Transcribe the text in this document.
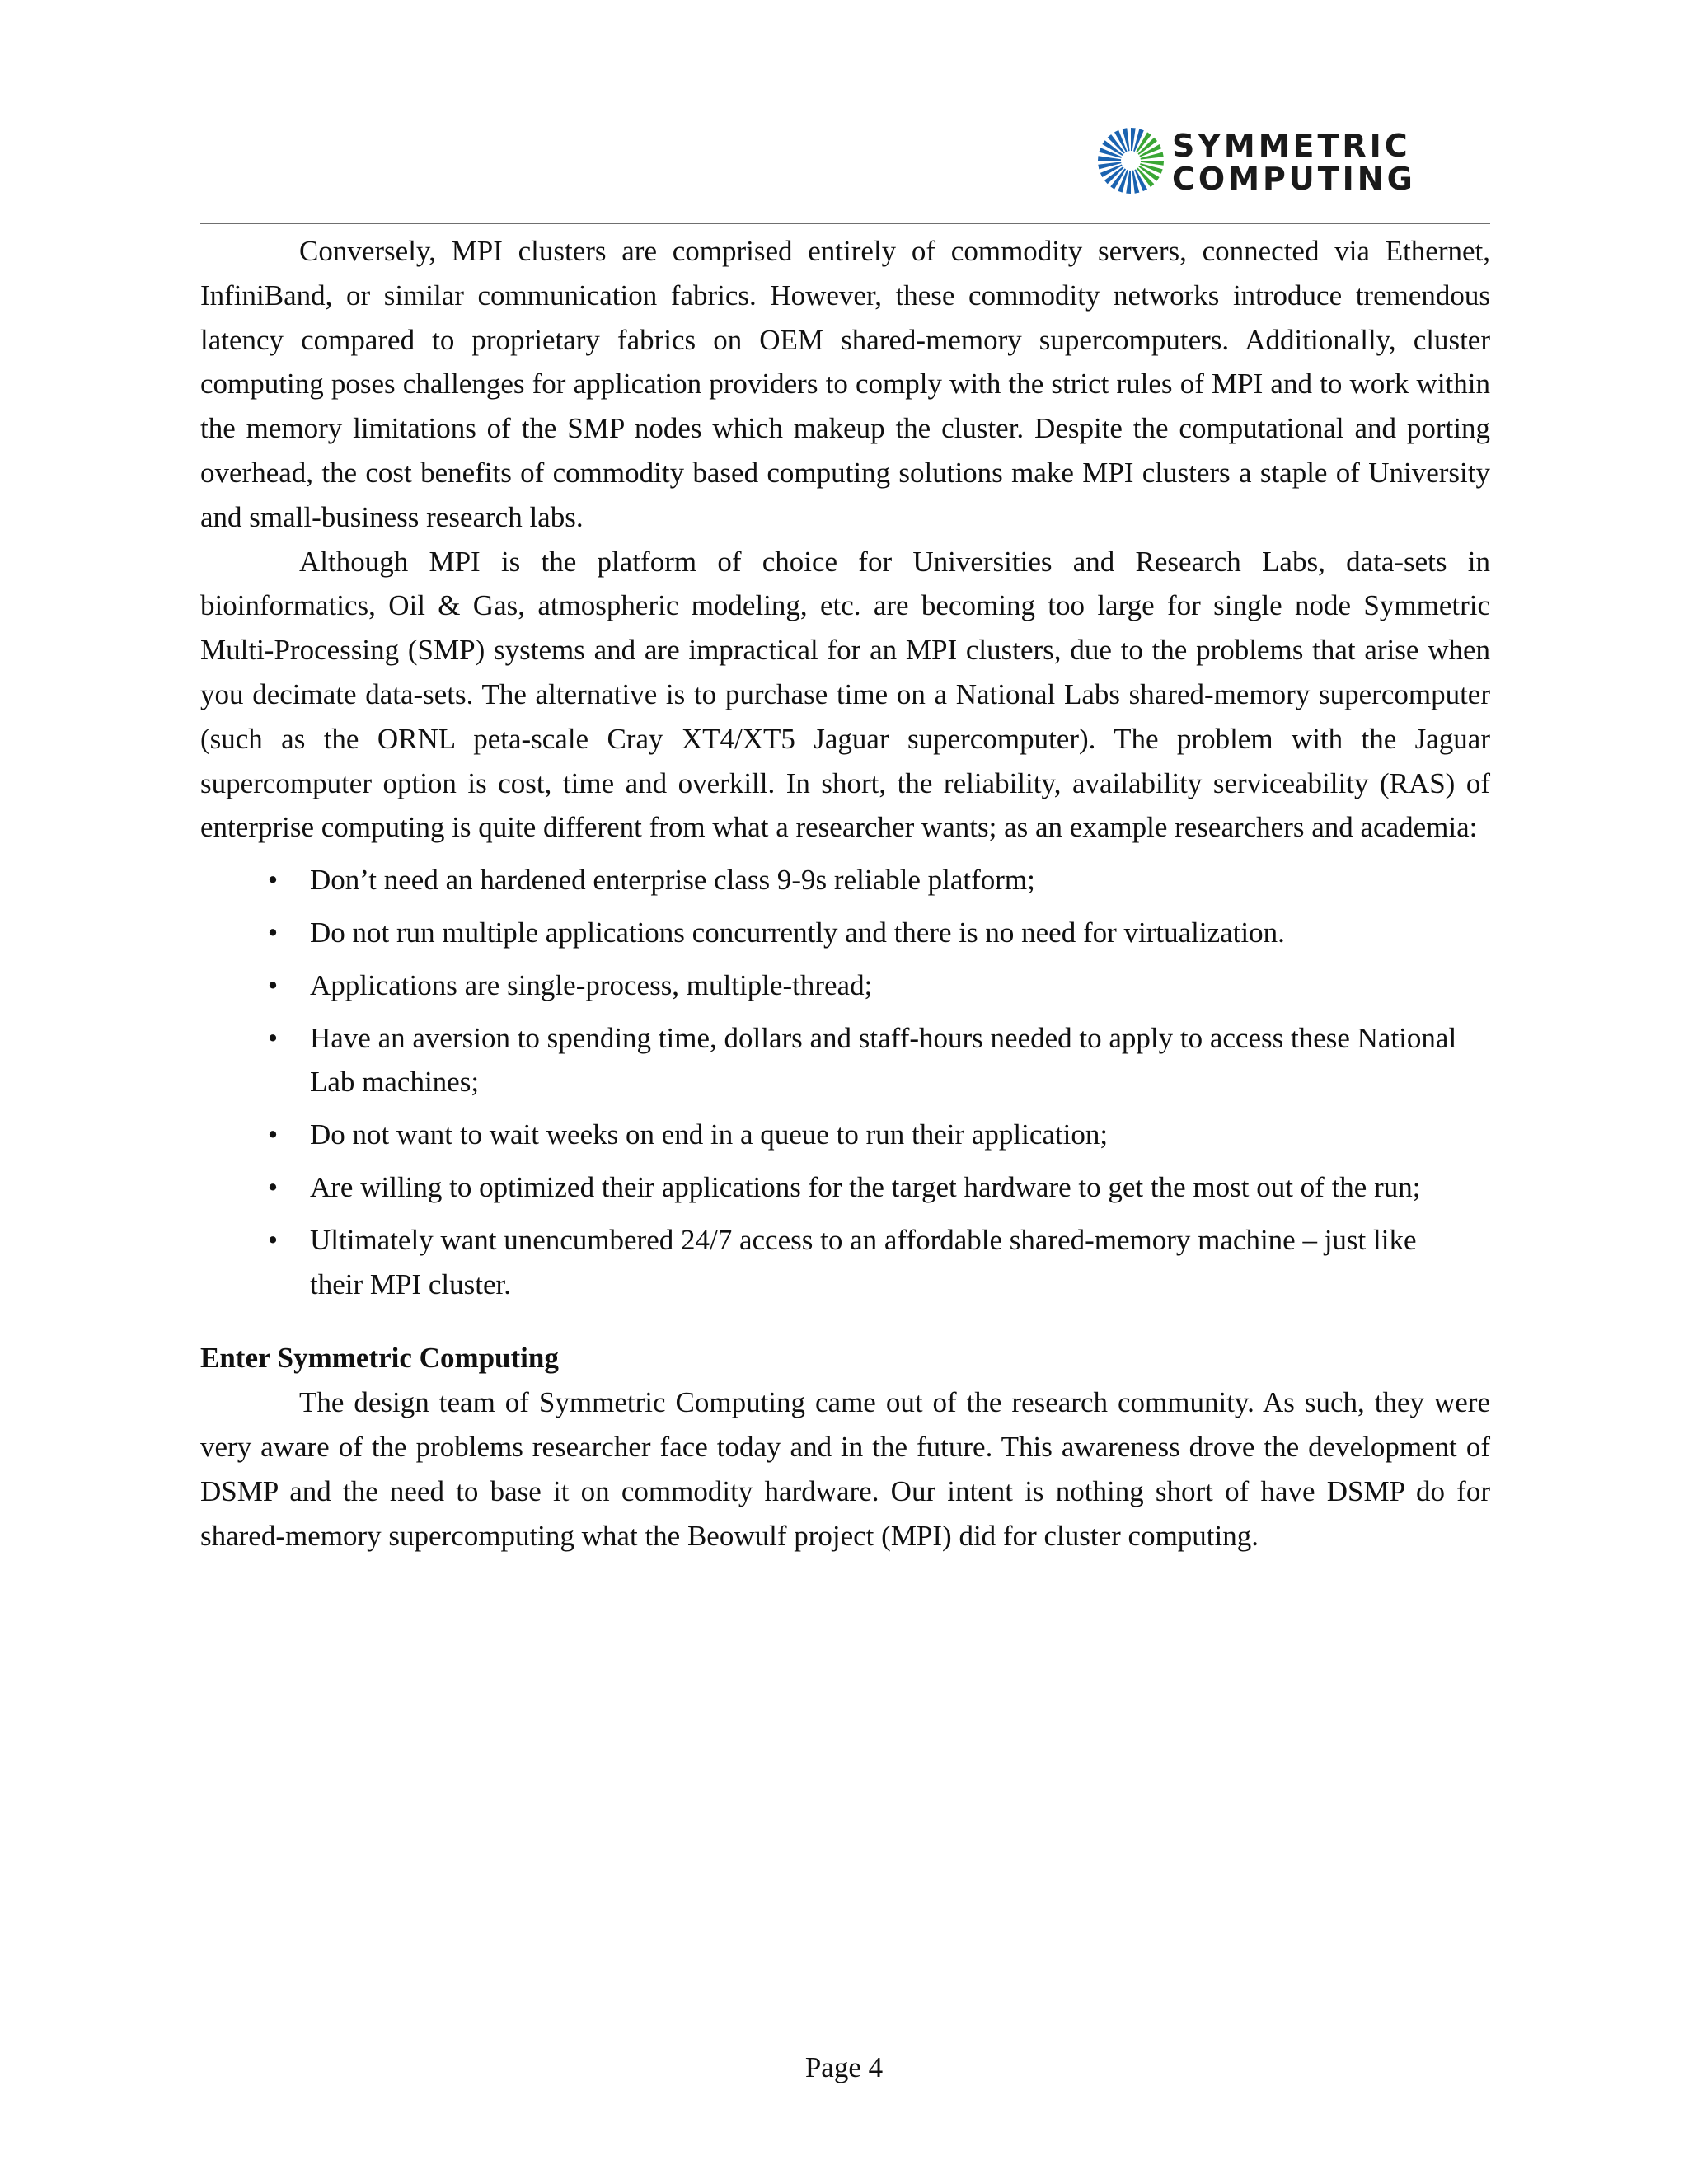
SYMMETRIC
COMPUTING

Conversely, MPI clusters are comprised entirely of commodity servers, connected via Ethernet, InfiniBand, or similar communication fabrics. However, these commodity networks introduce tremendous latency compared to proprietary fabrics on OEM shared-memory supercomputers. Additionally, cluster computing poses challenges for application providers to comply with the strict rules of MPI and to work within the memory limitations of the SMP nodes which makeup the cluster. Despite the computational and porting overhead, the cost benefits of commodity based computing solutions make MPI clusters a staple of University and small-business research labs.

Although MPI is the platform of choice for Universities and Research Labs, data-sets in bioinformatics, Oil & Gas, atmospheric modeling, etc. are becoming too large for single node Symmetric Multi-Processing (SMP) systems and are impractical for an MPI clusters, due to the problems that arise when you decimate data-sets. The alternative is to purchase time on a National Labs shared-memory supercomputer (such as the ORNL peta-scale Cray XT4/XT5 Jaguar supercomputer). The problem with the Jaguar supercomputer option is cost, time and overkill. In short, the reliability, availability serviceability (RAS) of enterprise computing is quite different from what a researcher wants; as an example researchers and academia:

• Don’t need an hardened enterprise class 9-9s reliable platform;
• Do not run multiple applications concurrently and there is no need for virtualization.
• Applications are single-process, multiple-thread;
• Have an aversion to spending time, dollars and staff-hours needed to apply to access these National Lab machines;
• Do not want to wait weeks on end in a queue to run their application;
• Are willing to optimized their applications for the target hardware to get the most out of the run;
• Ultimately want unencumbered 24/7 access to an affordable shared-memory machine – just like their MPI cluster.
Enter Symmetric Computing

The design team of Symmetric Computing came out of the research community. As such, they were very aware of the problems researcher face today and in the future. This awareness drove the development of DSMP and the need to base it on commodity hardware. Our intent is nothing short of have DSMP do for shared-memory supercomputing what the Beowulf project (MPI) did for cluster computing.

Page 4
